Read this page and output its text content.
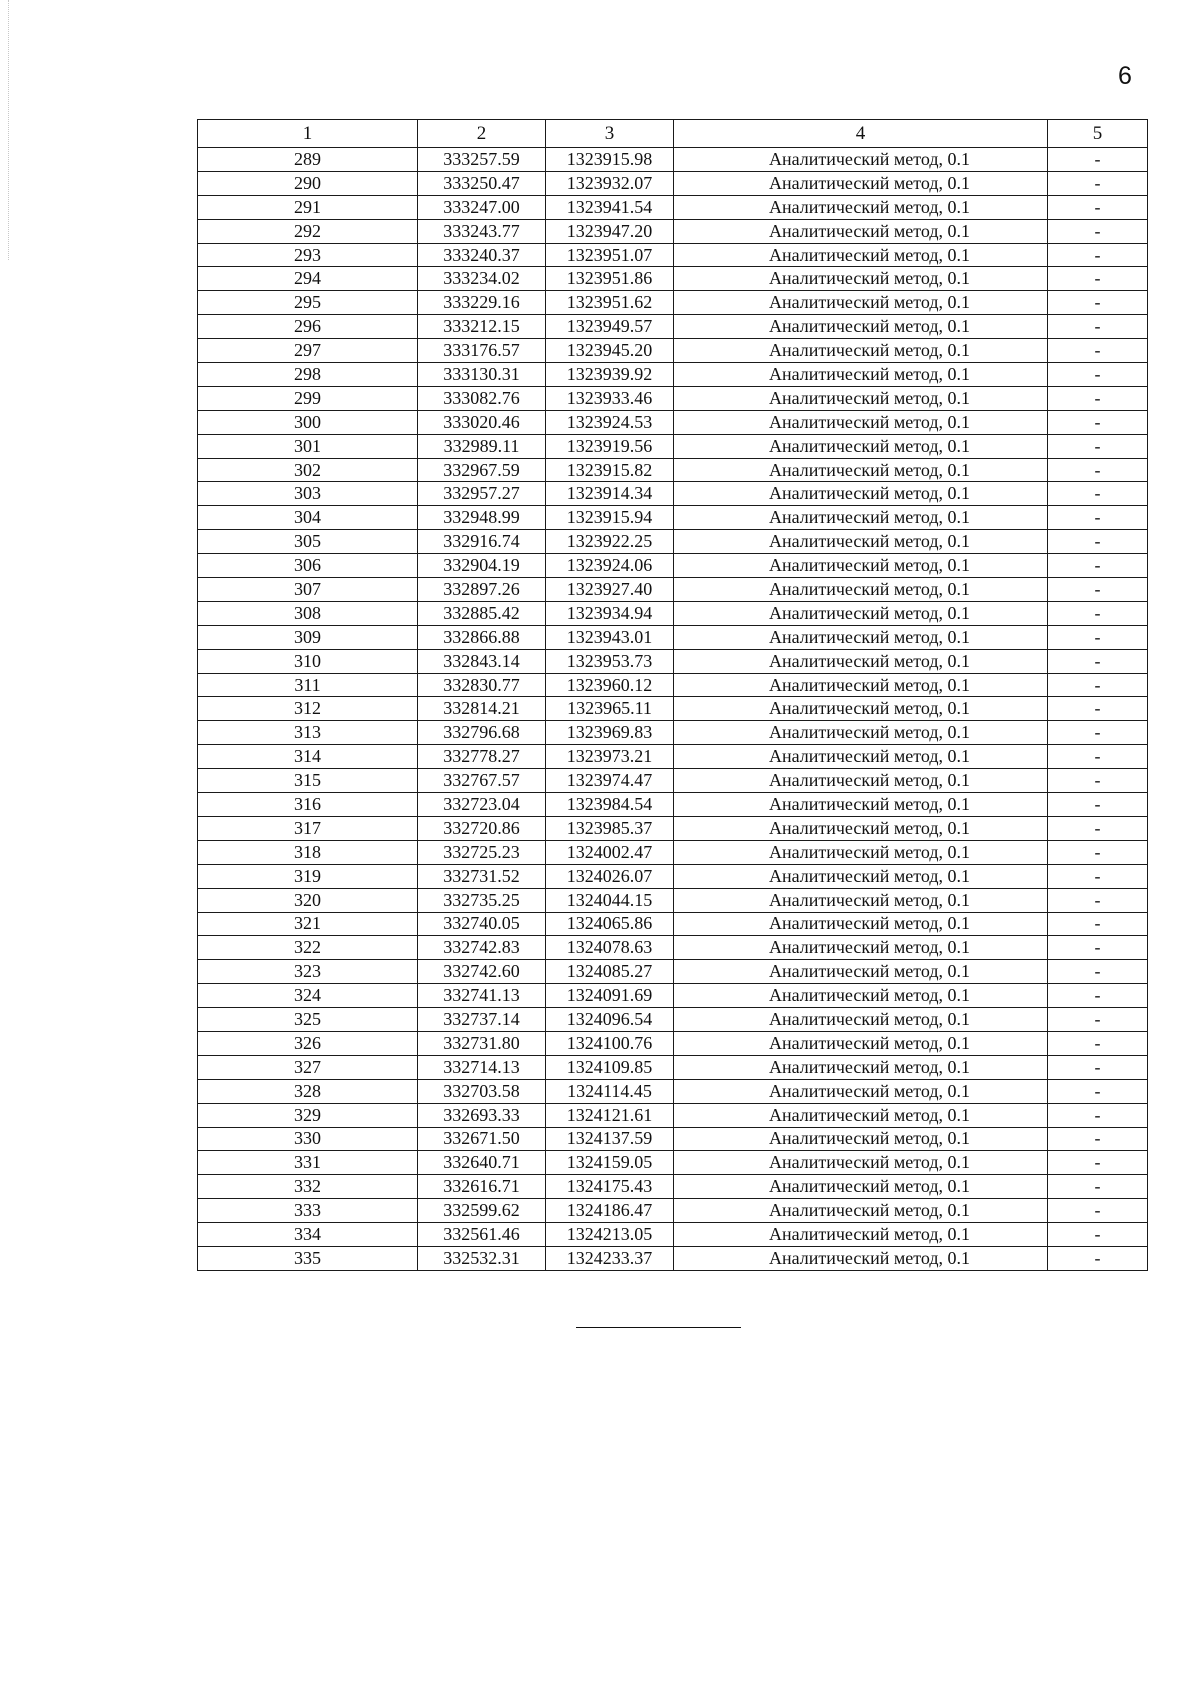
6
1	2	3	4	5
289	333257.59	1323915.98	Аналитический метод, 0.1	-
290	333250.47	1323932.07	Аналитический метод, 0.1	-
291	333247.00	1323941.54	Аналитический метод, 0.1	-
292	333243.77	1323947.20	Аналитический метод, 0.1	-
293	333240.37	1323951.07	Аналитический метод, 0.1	-
294	333234.02	1323951.86	Аналитический метод, 0.1	-
295	333229.16	1323951.62	Аналитический метод, 0.1	-
296	333212.15	1323949.57	Аналитический метод, 0.1	-
297	333176.57	1323945.20	Аналитический метод, 0.1	-
298	333130.31	1323939.92	Аналитический метод, 0.1	-
299	333082.76	1323933.46	Аналитический метод, 0.1	-
300	333020.46	1323924.53	Аналитический метод, 0.1	-
301	332989.11	1323919.56	Аналитический метод, 0.1	-
302	332967.59	1323915.82	Аналитический метод, 0.1	-
303	332957.27	1323914.34	Аналитический метод, 0.1	-
304	332948.99	1323915.94	Аналитический метод, 0.1	-
305	332916.74	1323922.25	Аналитический метод, 0.1	-
306	332904.19	1323924.06	Аналитический метод, 0.1	-
307	332897.26	1323927.40	Аналитический метод, 0.1	-
308	332885.42	1323934.94	Аналитический метод, 0.1	-
309	332866.88	1323943.01	Аналитический метод, 0.1	-
310	332843.14	1323953.73	Аналитический метод, 0.1	-
311	332830.77	1323960.12	Аналитический метод, 0.1	-
312	332814.21	1323965.11	Аналитический метод, 0.1	-
313	332796.68	1323969.83	Аналитический метод, 0.1	-
314	332778.27	1323973.21	Аналитический метод, 0.1	-
315	332767.57	1323974.47	Аналитический метод, 0.1	-
316	332723.04	1323984.54	Аналитический метод, 0.1	-
317	332720.86	1323985.37	Аналитический метод, 0.1	-
318	332725.23	1324002.47	Аналитический метод, 0.1	-
319	332731.52	1324026.07	Аналитический метод, 0.1	-
320	332735.25	1324044.15	Аналитический метод, 0.1	-
321	332740.05	1324065.86	Аналитический метод, 0.1	-
322	332742.83	1324078.63	Аналитический метод, 0.1	-
323	332742.60	1324085.27	Аналитический метод, 0.1	-
324	332741.13	1324091.69	Аналитический метод, 0.1	-
325	332737.14	1324096.54	Аналитический метод, 0.1	-
326	332731.80	1324100.76	Аналитический метод, 0.1	-
327	332714.13	1324109.85	Аналитический метод, 0.1	-
328	332703.58	1324114.45	Аналитический метод, 0.1	-
329	332693.33	1324121.61	Аналитический метод, 0.1	-
330	332671.50	1324137.59	Аналитический метод, 0.1	-
331	332640.71	1324159.05	Аналитический метод, 0.1	-
332	332616.71	1324175.43	Аналитический метод, 0.1	-
333	332599.62	1324186.47	Аналитический метод, 0.1	-
334	332561.46	1324213.05	Аналитический метод, 0.1	-
335	332532.31	1324233.37	Аналитический метод, 0.1	-
